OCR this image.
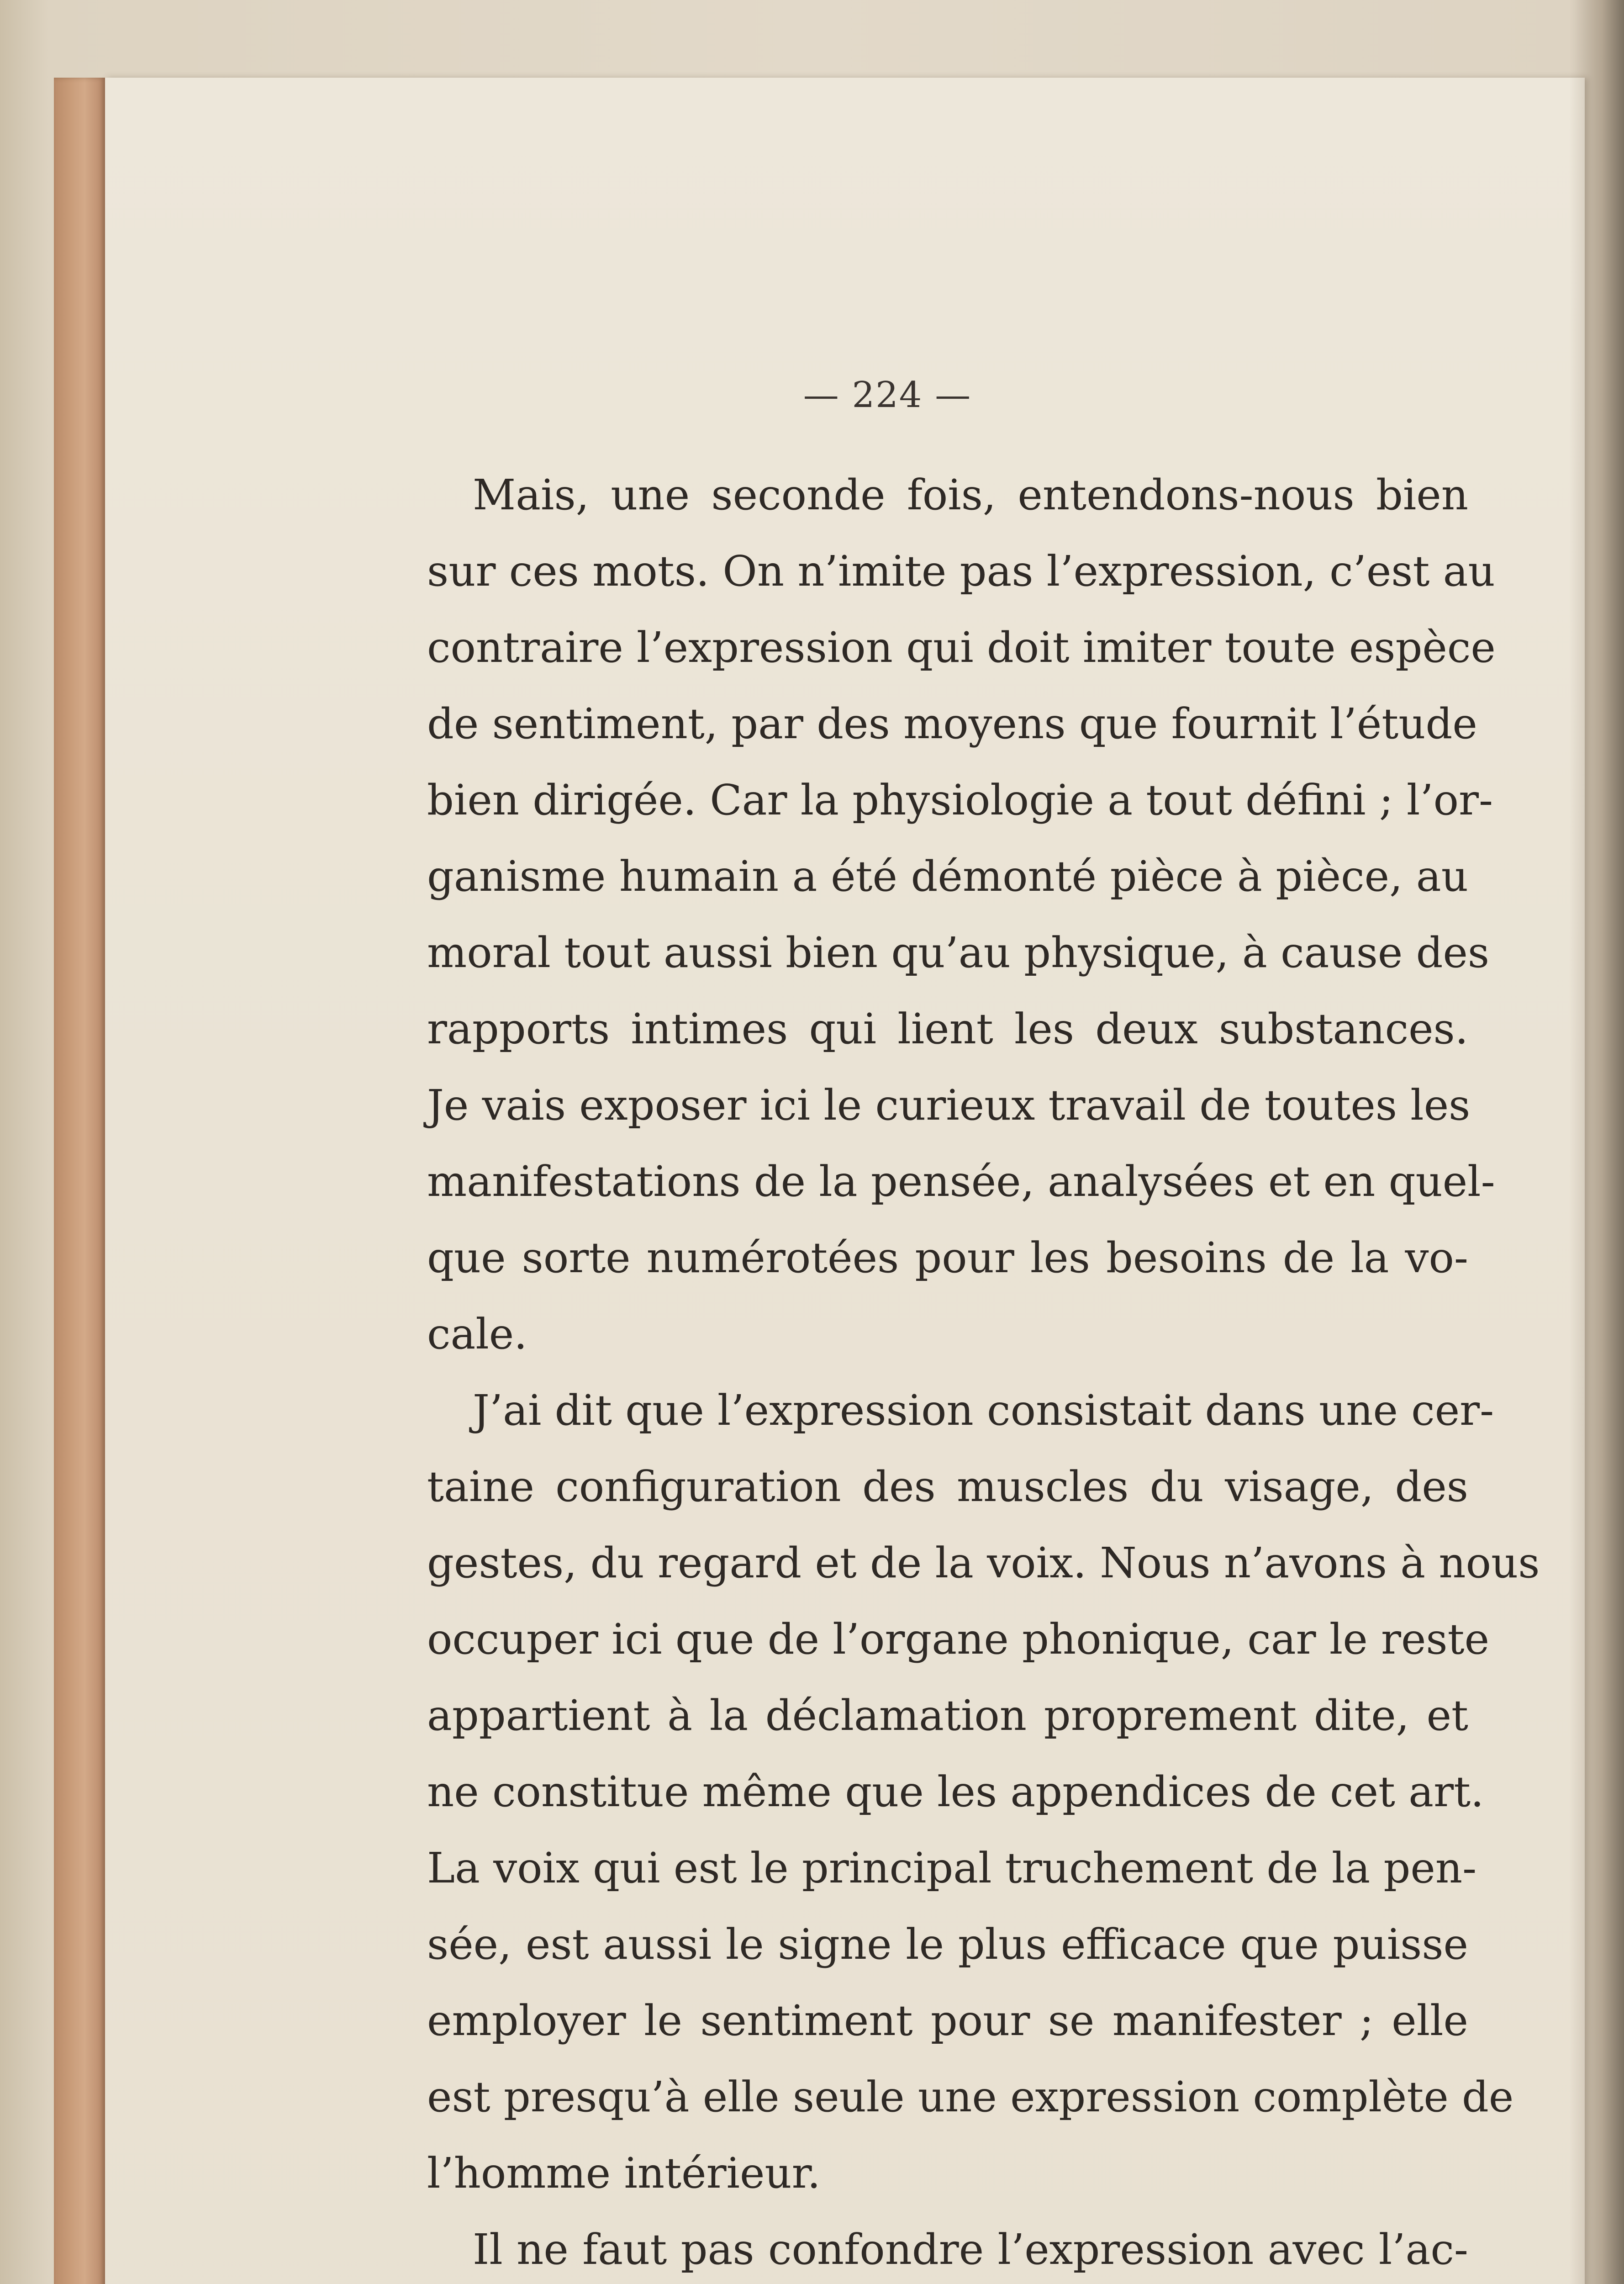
— 224 —
Mais, une seconde fois, entendons-nous bien
sur ces mots. On n’imite pas l’expression, c’est au
contraire l’expression qui doit imiter toute espèce
de sentiment, par des moyens que fournit l’étude
bien dirigée. Car la physiologie a tout défini ; l’or-
ganisme humain a été démonté pièce à pièce, au
moral tout aussi bien qu’au physique, à cause des
rapports intimes qui lient les deux substances.
Je vais exposer ici le curieux travail de toutes les
manifestations de la pensée, analysées et en quel-
que sorte numérotées pour les besoins de la vo-
cale.
J’ai dit que l’expression consistait dans une cer-
taine configuration des muscles du visage, des
gestes, du regard et de la voix. Nous n’avons à nous
occuper ici que de l’organe phonique, car le reste
appartient à la déclamation proprement dite, et
ne constitue même que les appendices de cet art.
La voix qui est le principal truchement de la pen-
sée, est aussi le signe le plus efficace que puisse
employer le sentiment pour se manifester ; elle
est presqu’à elle seule une expression complète de
l’homme intérieur.
Il ne faut pas confondre l’expression avec l’ac-
